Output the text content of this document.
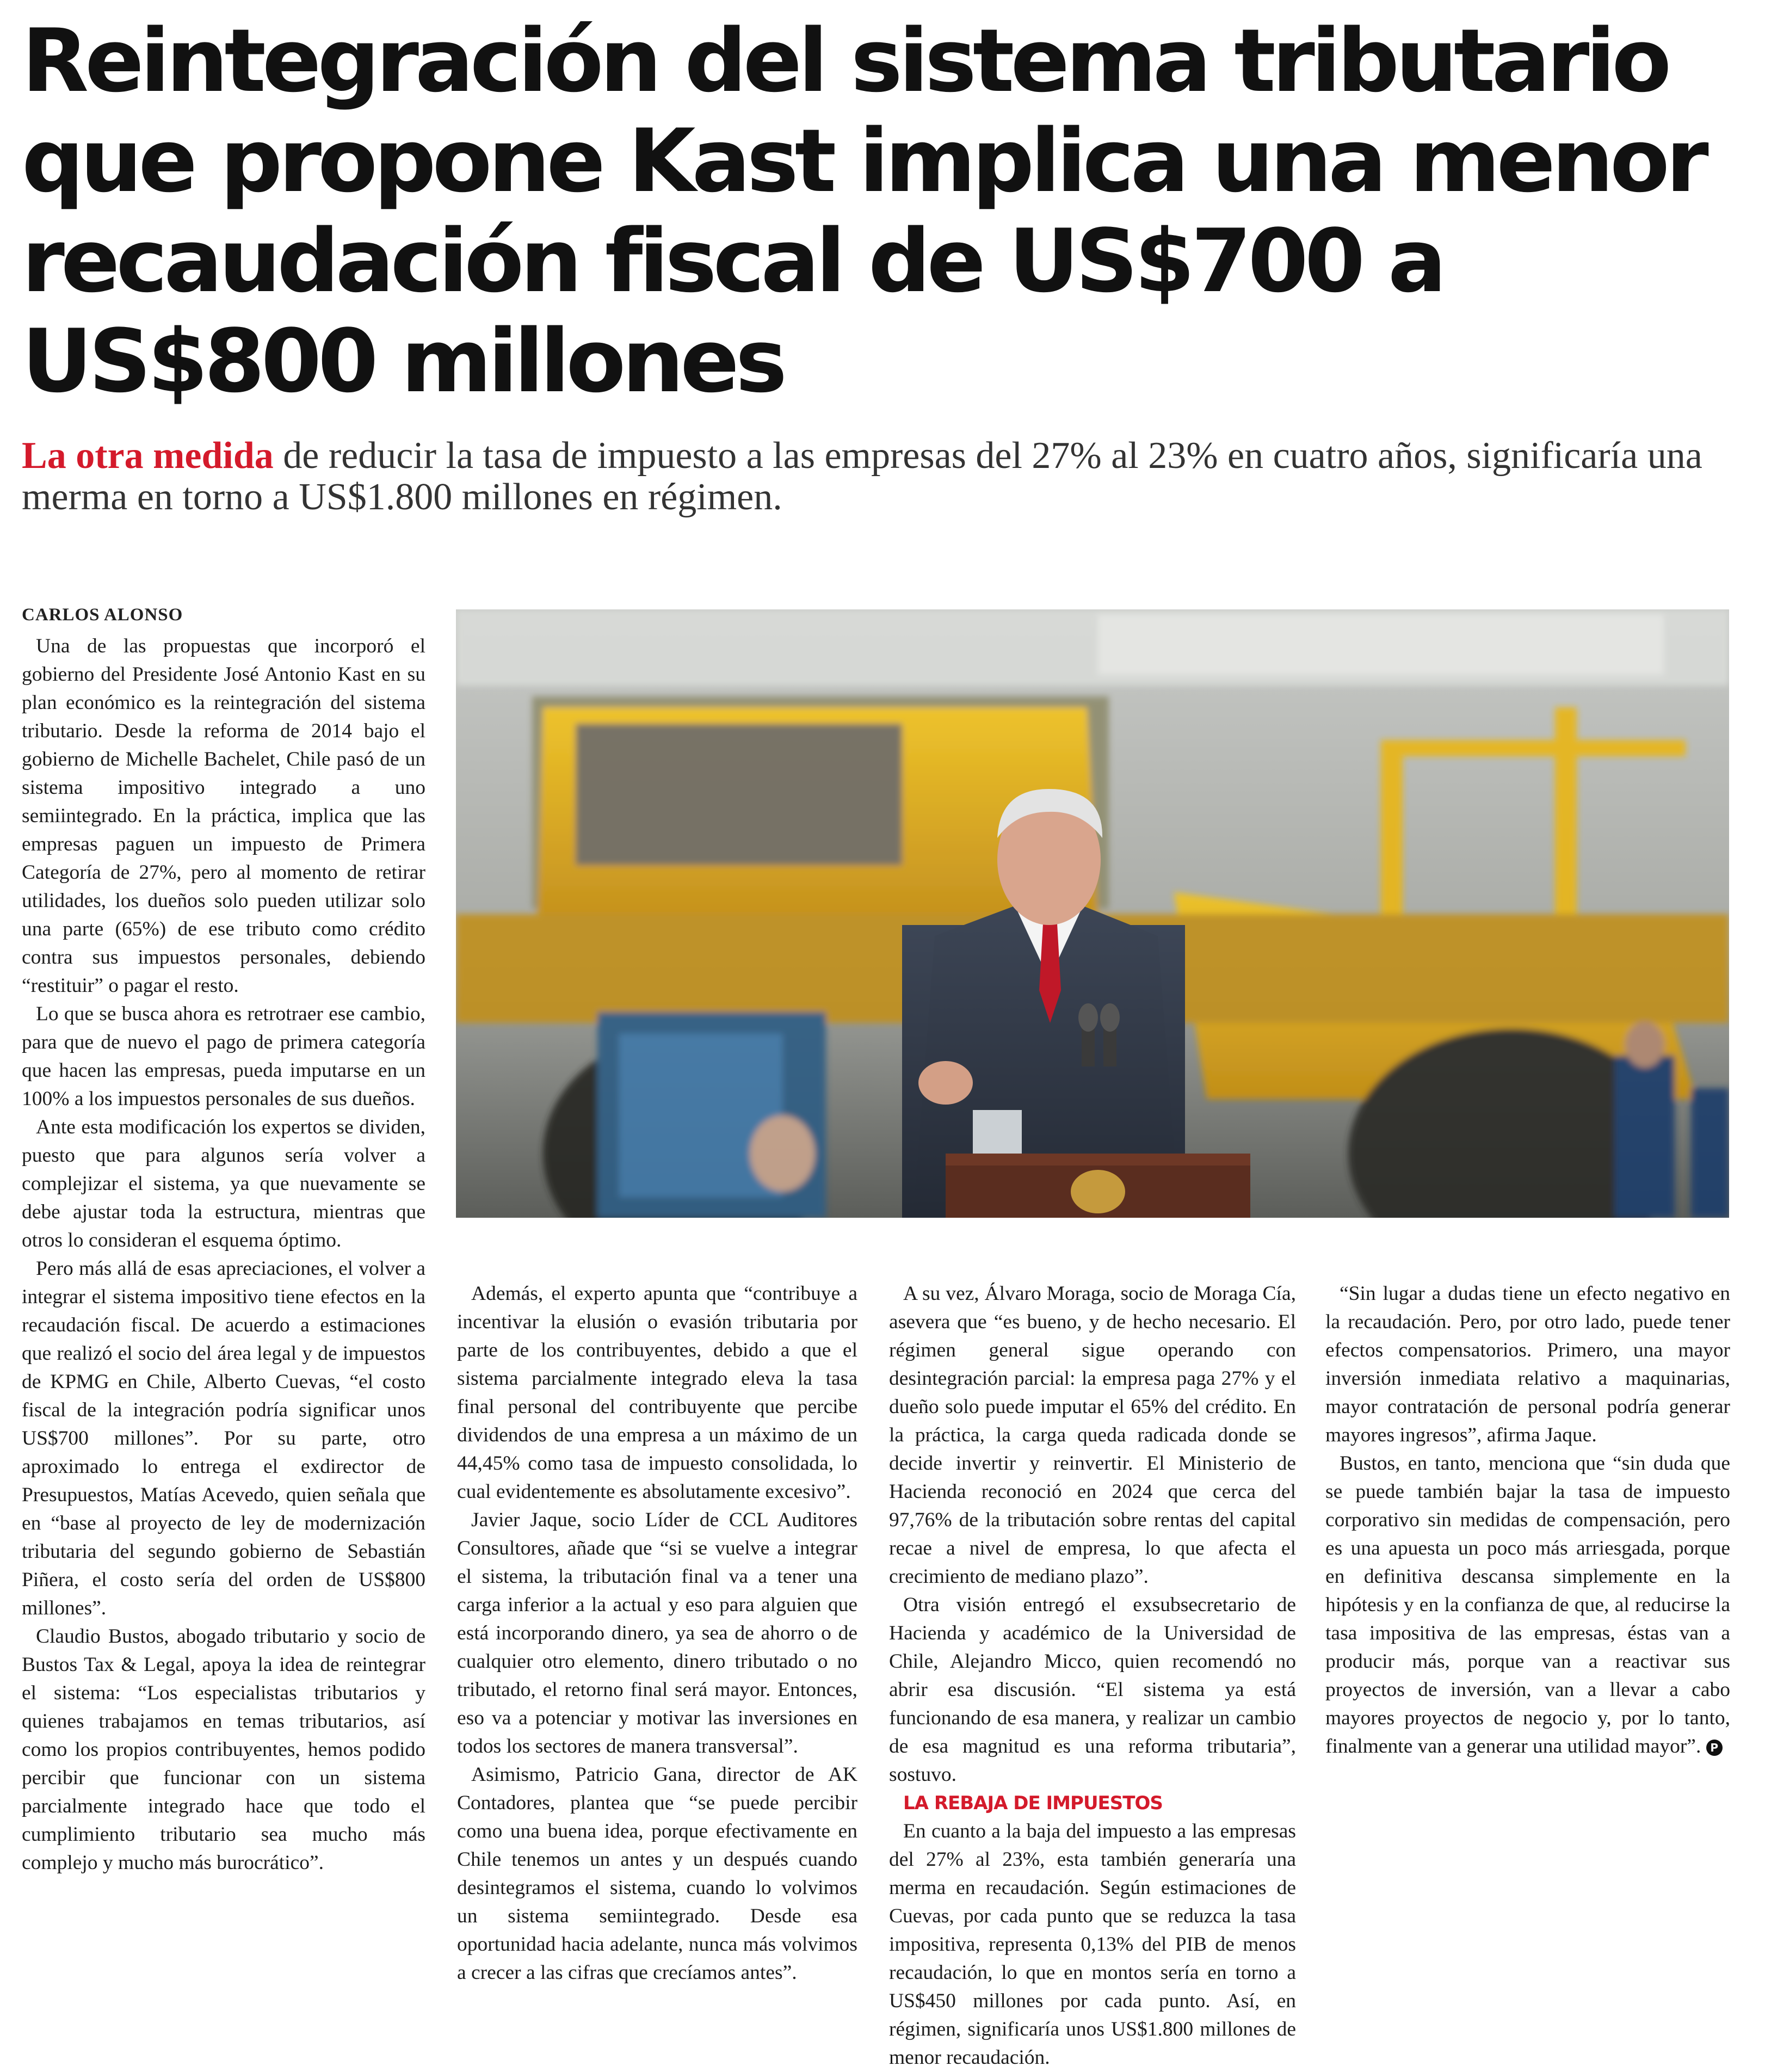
Reintegración del sistema tributario que propone Kast implica una menor recaudación fiscal de US$700 a US$800 millones

La otra medida de reducir la tasa de impuesto a las empresas del 27% al 23% en cuatro años, significaría una merma en torno a US$1.800 millones en régimen.

CARLOS ALONSO

Una de las propuestas que incorporó el gobierno del Presidente José Antonio Kast en su plan económico es la reintegración del sistema tributario. Desde la reforma de 2014 bajo el gobierno de Michelle Bachelet, Chile pasó de un sistema impositivo integrado a uno semiintegrado. En la práctica, implica que las empresas paguen un impuesto de Primera Categoría de 27%, pero al momento de retirar utilidades, los dueños solo pueden utilizar solo una parte (65%) de ese tributo como crédito contra sus impuestos personales, debiendo “restituir” o pagar el resto.

Lo que se busca ahora es retrotraer ese cambio, para que de nuevo el pago de primera categoría que hacen las empresas, pueda imputarse en un 100% a los impuestos personales de sus dueños.

Ante esta modificación los expertos se dividen, puesto que para algunos sería volver a complejizar el sistema, ya que nuevamente se debe ajustar toda la estructura, mientras que otros lo consideran el esquema óptimo.

Pero más allá de esas apreciaciones, el volver a integrar el sistema impositivo tiene efectos en la recaudación fiscal. De acuerdo a estimaciones que realizó el socio del área legal y de impuestos de KPMG en Chile, Alberto Cuevas, “el costo fiscal de la integración podría significar unos US$700 millones”. Por su parte, otro aproximado lo entrega el exdirector de Presupuestos, Matías Acevedo, quien señala que en “base al proyecto de ley de modernización tributaria del segundo gobierno de Sebastián Piñera, el costo sería del orden de US$800 millones”.

Claudio Bustos, abogado tributario y socio de Bustos Tax & Legal, apoya la idea de reintegrar el sistema: “Los especialistas tributarios y quienes trabajamos en temas tributarios, así como los propios contribuyentes, hemos podido percibir que funcionar con un sistema parcialmente integrado hace que todo el cumplimiento tributario sea mucho más complejo y mucho más burocrático”.

Además, el experto apunta que “contribuye a incentivar la elusión o evasión tributaria por parte de los contribuyentes, debido a que el sistema parcialmente integrado eleva la tasa final personal del contribuyente que percibe dividendos de una empresa a un máximo de un 44,45% como tasa de impuesto consolidada, lo cual evidentemente es absolutamente excesivo”.

Javier Jaque, socio Líder de CCL Auditores Consultores, añade que “si se vuelve a integrar el sistema, la tributación final va a tener una carga inferior a la actual y eso para alguien que está incorporando dinero, ya sea de ahorro o de cualquier otro elemento, dinero tributado o no tributado, el retorno final será mayor. Entonces, eso va a potenciar y motivar las inversiones en todos los sectores de manera transversal”.

Asimismo, Patricio Gana, director de AK Contadores, plantea que “se puede percibir como una buena idea, porque efectivamente en Chile tenemos un antes y un después cuando desintegramos el sistema, cuando lo volvimos un sistema semiintegrado. Desde esa oportunidad hacia adelante, nunca más volvimos a crecer a las cifras que crecíamos antes”.

A su vez, Álvaro Moraga, socio de Moraga Cía, asevera que “es bueno, y de hecho necesario. El régimen general sigue operando con desintegración parcial: la empresa paga 27% y el dueño solo puede imputar el 65% del crédito. En la práctica, la carga queda radicada donde se decide invertir y reinvertir. El Ministerio de Hacienda reconoció en 2024 que cerca del 97,76% de la tributación sobre rentas del capital recae a nivel de empresa, lo que afecta el crecimiento de mediano plazo”.

Otra visión entregó el exsubsecretario de Hacienda y académico de la Universidad de Chile, Alejandro Micco, quien recomendó no abrir esa discusión. “El sistema ya está funcionando de esa manera, y realizar un cambio de esa magnitud es una reforma tributaria”, sostuvo.

LA REBAJA DE IMPUESTOS

En cuanto a la baja del impuesto a las empresas del 27% al 23%, esta también generaría una merma en recaudación. Según estimaciones de Cuevas, por cada punto que se reduzca la tasa impositiva, representa 0,13% del PIB de menos recaudación, lo que en montos sería en torno a US$450 millones por cada punto. Así, en régimen, significaría unos US$1.800 millones de menor recaudación.

“Sin lugar a dudas tiene un efecto negativo en la recaudación. Pero, por otro lado, puede tener efectos compensatorios. Primero, una mayor inversión inmediata relativo a maquinarias, mayor contratación de personal podría generar mayores ingresos”, afirma Jaque.

Bustos, en tanto, menciona que “sin duda que se puede también bajar la tasa de impuesto corporativo sin medidas de compensación, pero es una apuesta un poco más arriesgada, porque en definitiva descansa simplemente en la hipótesis y en la confianza de que, al reducirse la tasa impositiva de las empresas, éstas van a producir más, porque van a reactivar sus proyectos de inversión, van a llevar a cabo mayores proyectos de negocio y, por lo tanto, finalmente van a generar una utilidad mayor”. P
